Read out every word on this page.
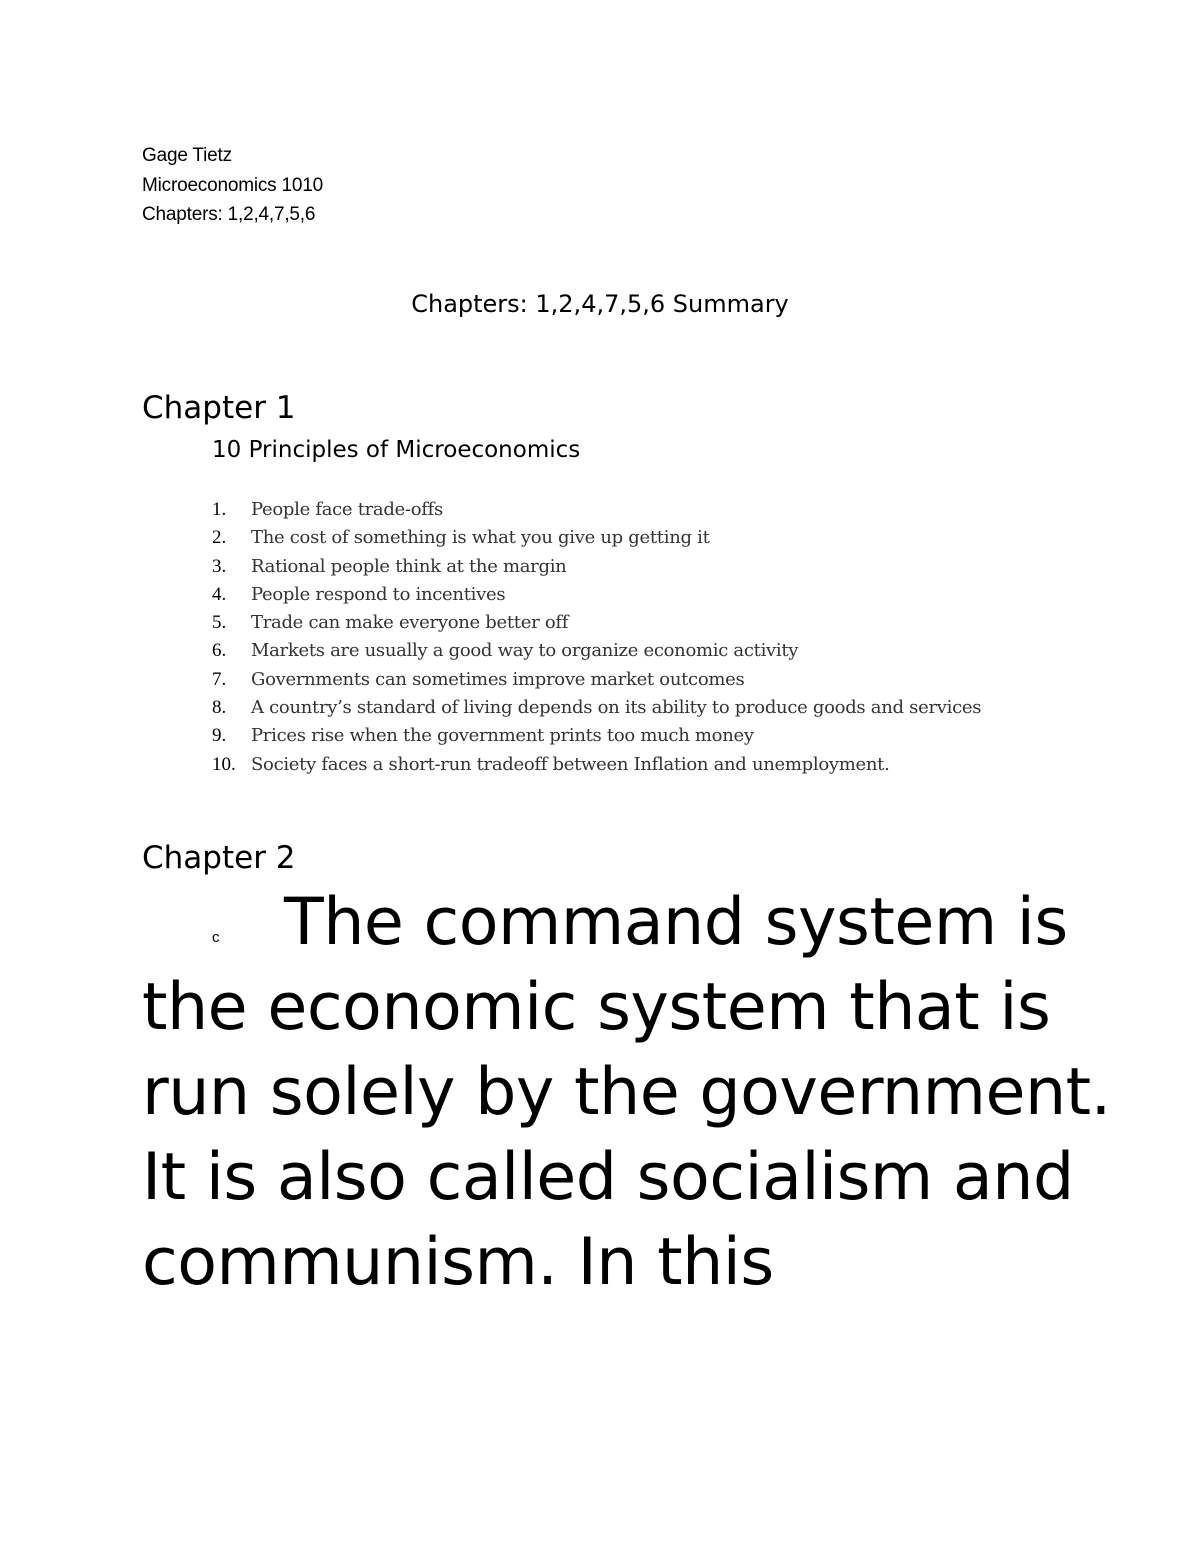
Gage Tietz
Microeconomics 1010
Chapters: 1,2,4,7,5,6
Chapters: 1,2,4,7,5,6 Summary
Chapter 1
10 Principles of Microeconomics
1. People face trade-offs
2. The cost of something is what you give up getting it
3. Rational people think at the margin
4. People respond to incentives
5. Trade can make everyone better off
6. Markets are usually a good way to organize economic activity
7. Governments can sometimes improve market outcomes
8. A country’s standard of living depends on its ability to produce goods and services
9. Prices rise when the government prints too much money
10. Society faces a short-run tradeoff between Inflation and unemployment.
Chapter 2
c The command system is the economic system that is run solely by the government. It is also called socialism and communism. In this
